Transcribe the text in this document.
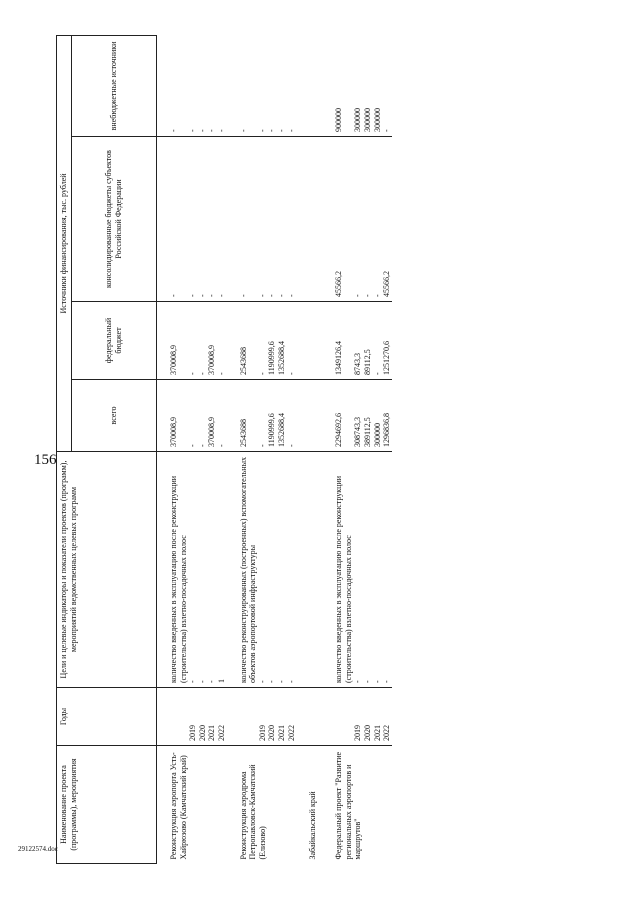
156
29122574.doc
Наименование проекта (программы), мероприятия	Годы	Цели и целевые индикаторы и показатели проектов (программ), мероприятий ведомственных целевых программ	Источники финансирования, тыс. рублей			
			всего	федеральный бюджет	консолидированные бюджеты субъектов Российской Федерации	внебюджетные источники
Реконструкция аэропорта Усть-Хайрюзово (Камчатский край)		количество введенных в эксплуатацию после реконструкции (строительства) взлетно-посадочных полос	370008,9	370008,9	-	-
	2019	-	-	-	-	-
	2020	-	-	-	-	-
	2021	-	370008,9	370008,9	-	-
	2022	1	-	-	-	-
Реконструкция аэродрома Петропавловск-Камчатский (Елизово)		количество реконструированных (построенных) вспомогательных объектов аэропортовой инфраструктуры	2543688	2543688	-	-
	2019	-	-	-	-	-
	2020	-	1190999,6	1190999,6	-	-
	2021	-	1352688,4	1352688,4	-	-
	2022	-	-	-	-	-
Забайкальский край						
Федеральный проект "Развитие региональных аэропортов и маршрутов"		количество введенных в эксплуатацию после реконструкции (строительства) взлетно-посадочных полос	2294692,6	1349126,4	45566,2	900000
	2019	-	308743,3	8743,3	-	300000
	2020	-	389112,5	89112,5	-	300000
	2021	-	300000	-	-	300000
	2022	-	1296836,8	1251270,6	45566,2	-
